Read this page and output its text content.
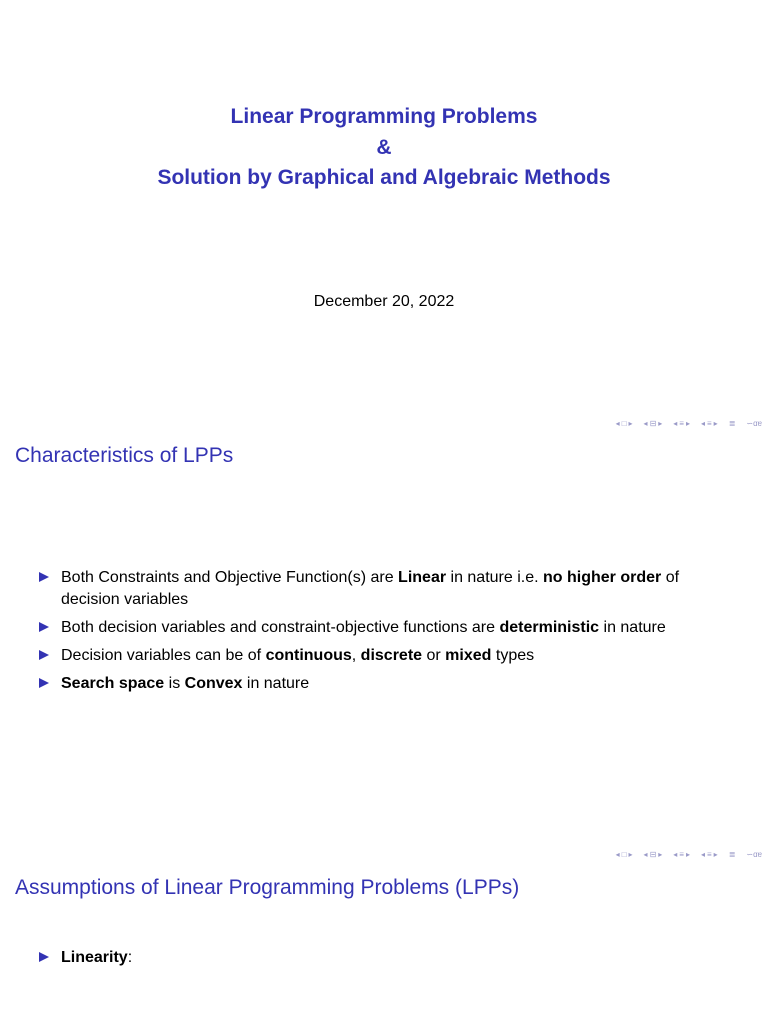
Linear Programming Problems
&
Solution by Graphical and Algebraic Methods
December 20, 2022
◂ □ ▸ ◂ ⊟ ▸ ◂ ≡ ▸ ◂ ≡ ▸ ≣ ∽ɑɐ
Characteristics of LPPs
Both Constraints and Objective Function(s) are Linear in nature i.e. no higher order of decision variables
Both decision variables and constraint-objective functions are deterministic in nature
Decision variables can be of continuous, discrete or mixed types
Search space is Convex in nature
◂ □ ▸ ◂ ⊟ ▸ ◂ ≡ ▸ ◂ ≡ ▸ ≣ ∽ɑɐ
Assumptions of Linear Programming Problems (LPPs)
Linearity:
